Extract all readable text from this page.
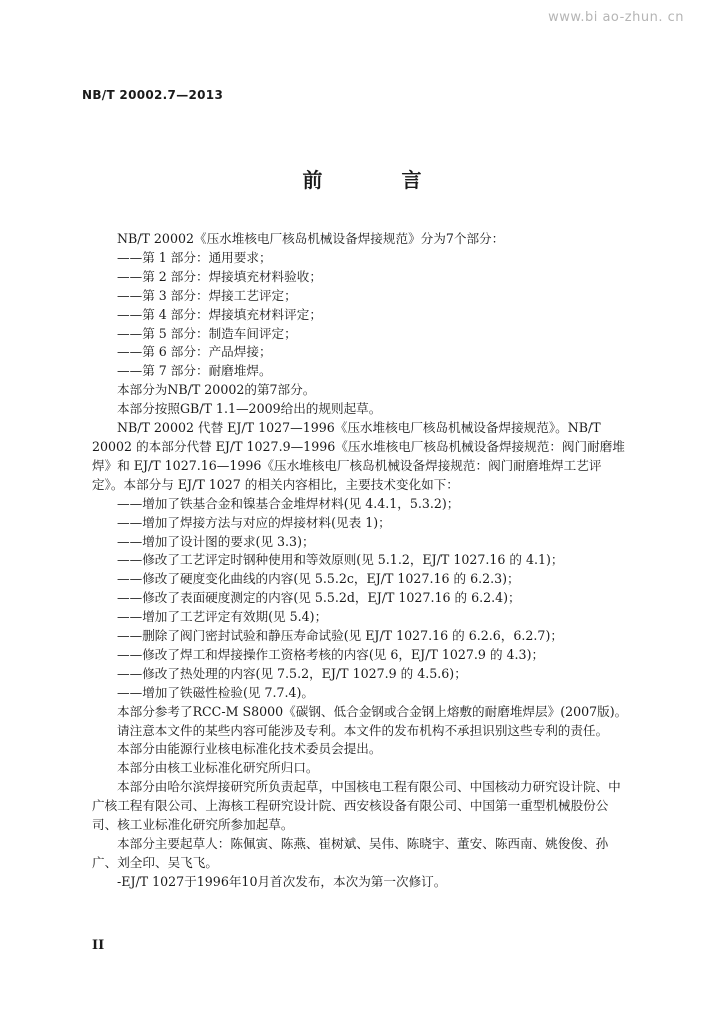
www.bi ao-zhun. cn
NB/T 20002.7—2013
前 言

NB/T 20002《压水堆核电厂核岛机械设备焊接规范》分为7个部分：

——第 1 部分：通用要求；

——第 2 部分：焊接填充材料验收；

——第 3 部分：焊接工艺评定；

——第 4 部分：焊接填充材料评定；

——第 5 部分：制造车间评定；

——第 6 部分：产品焊接；

——第 7 部分：耐磨堆焊。

本部分为NB/T 20002的第7部分。

本部分按照GB/T 1.1—2009给出的规则起草。

NB/T 20002 代替 EJ/T 1027—1996《压水堆核电厂核岛机械设备焊接规范》。NB/T 20002 的本部分代替 EJ/T 1027.9—1996《压水堆核电厂核岛机械设备焊接规范：阀门耐磨堆焊》和 EJ/T 1027.16—1996《压水堆核电厂核岛机械设备焊接规范：阀门耐磨堆焊工艺评定》。本部分与 EJ/T 1027 的相关内容相比，主要技术变化如下：

——增加了铁基合金和镍基合金堆焊材料(见 4.4.1，5.3.2)；

——增加了焊接方法与对应的焊接材料(见表 1)；

——增加了设计图的要求(见 3.3)；

——修改了工艺评定时钢种使用和等效原则(见 5.1.2，EJ/T 1027.16 的 4.1)；

——修改了硬度变化曲线的内容(见 5.5.2c，EJ/T 1027.16 的 6.2.3)；

——修改了表面硬度测定的内容(见 5.5.2d，EJ/T 1027.16 的 6.2.4)；

——增加了工艺评定有效期(见 5.4)；

——删除了阀门密封试验和静压寿命试验(见 EJ/T 1027.16 的 6.2.6，6.2.7)；

——修改了焊工和焊接操作工资格考核的内容(见 6，EJ/T 1027.9 的 4.3)；

——修改了热处理的内容(见 7.5.2，EJ/T 1027.9 的 4.5.6)；

——增加了铁磁性检验(见 7.7.4)。

本部分参考了RCC-M S8000《碳钢、低合金钢或合金钢上熔敷的耐磨堆焊层》(2007版)。

请注意本文件的某些内容可能涉及专利。本文件的发布机构不承担识别这些专利的责任。

本部分由能源行业核电标准化技术委员会提出。

本部分由核工业标准化研究所归口。

本部分由哈尔滨焊接研究所负责起草，中国核电工程有限公司、中国核动力研究设计院、中广核工程有限公司、上海核工程研究设计院、西安核设备有限公司、中国第一重型机械股份公司、核工业标准化研究所参加起草。

本部分主要起草人：陈佩寅、陈燕、崔树斌、吴伟、陈晓宇、董安、陈西南、姚俊俊、孙广、刘全印、吴飞飞。

-EJ/T 1027于1996年10月首次发布，本次为第一次修订。

II
